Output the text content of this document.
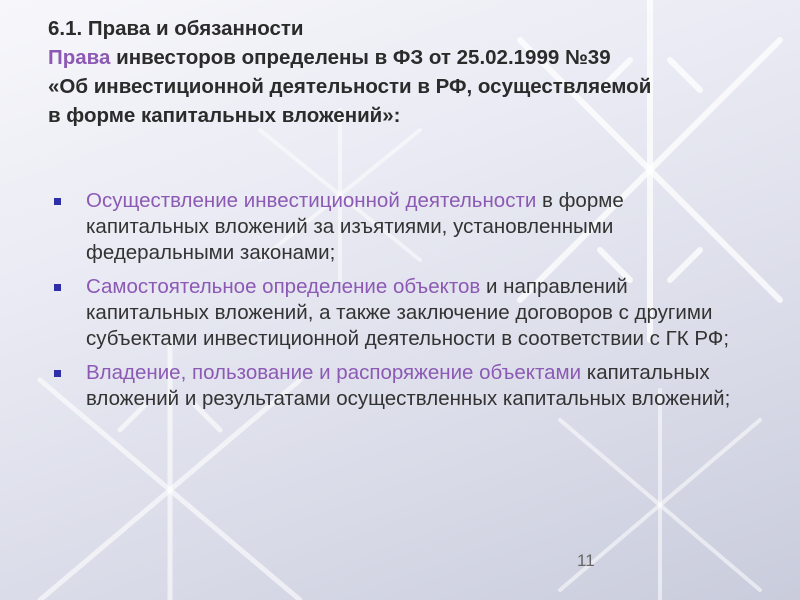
6.1. Права и обязанности
Права инвесторов определены в ФЗ от 25.02.1999 №39
«Об инвестиционной деятельности в РФ, осуществляемой
в форме капитальных вложений»:
Осуществление инвестиционной деятельности в форме капитальных вложений за изъятиями, установленными федеральными законами;
Самостоятельное определение объектов и направлений капитальных вложений, а также заключение договоров с другими субъектами инвестиционной деятельности в соответствии с ГК РФ;
Владение, пользование и распоряжение объектами капитальных вложений и результатами осуществленных капитальных вложений;
11
